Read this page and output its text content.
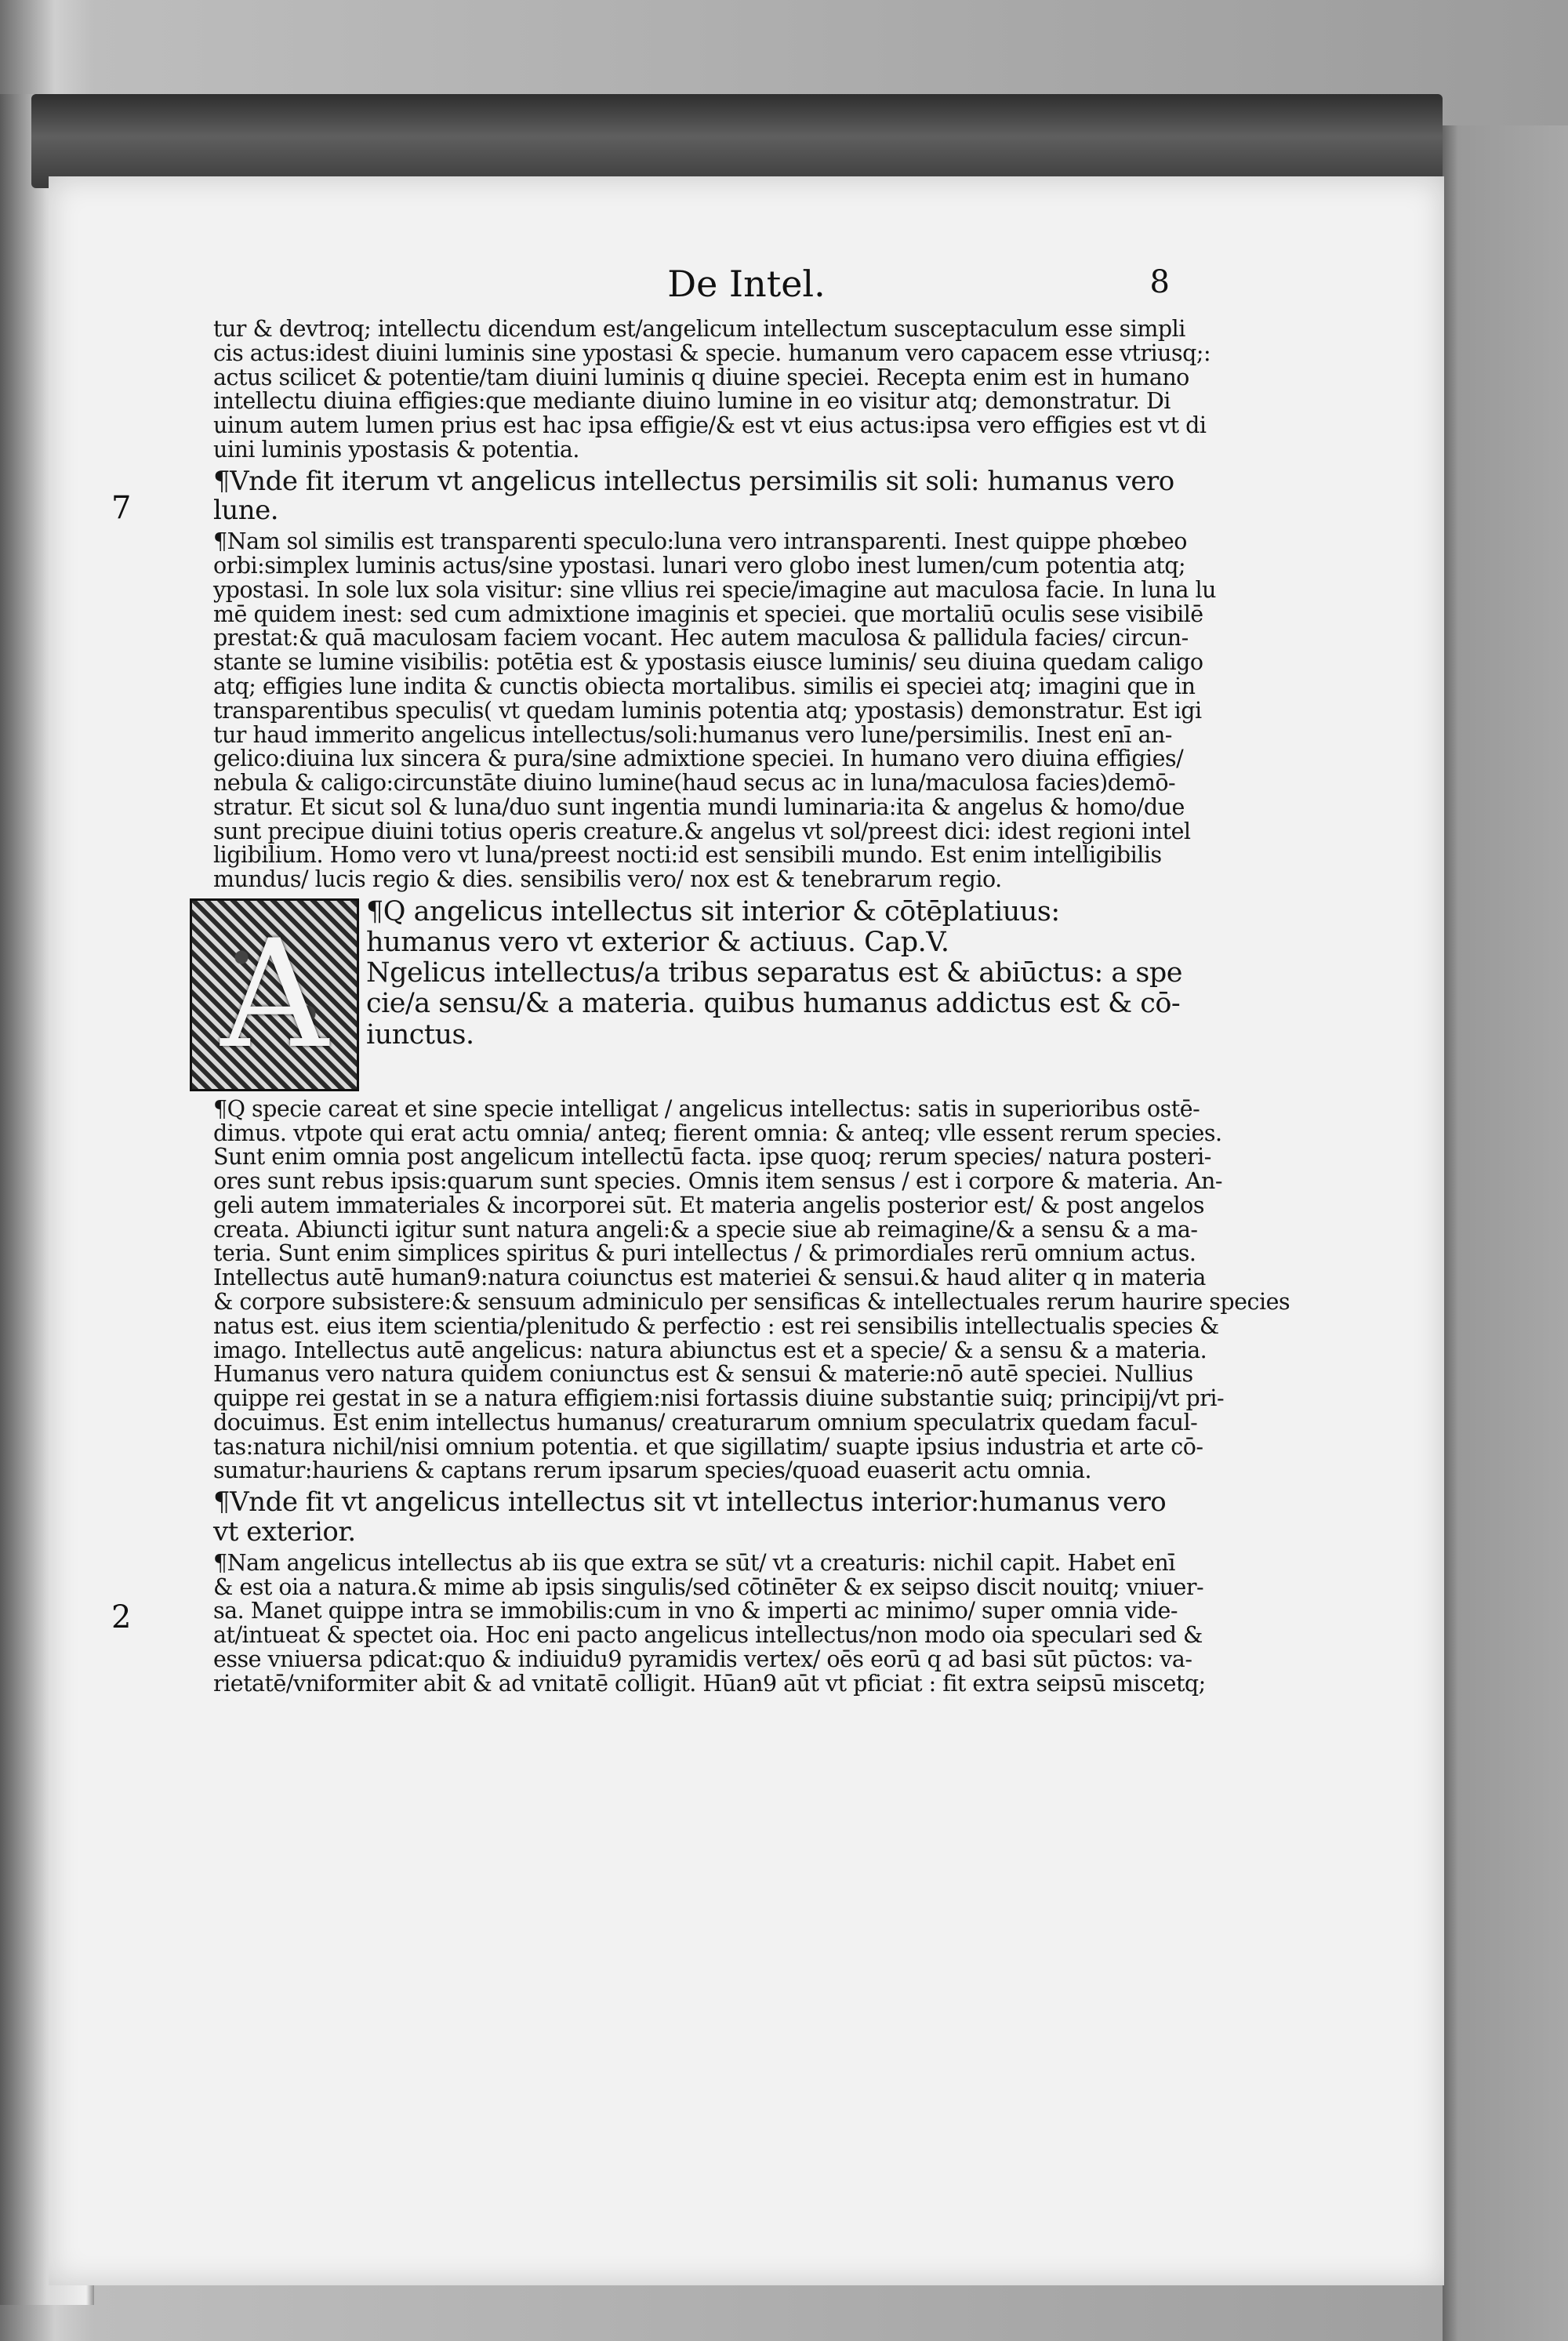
De Intel.	8
7
2
tur & devtroq; intellectu dicendum est/angelicum intellectum susceptaculum esse simpli
cis actus:idest diuini luminis sine ypostasi & specie. humanum vero capacem esse vtriusq;:
actus scilicet & potentie/tam diuini luminis q diuine speciei. Recepta enim est in humano
intellectu diuina effigies:que mediante diuino lumine in eo visitur atq; demonstratur. Di
uinum autem lumen prius est hac ipsa effigie/& est vt eius actus:ipsa vero effigies est vt di
uini luminis ypostasis & potentia.
¶Vnde fit iterum vt angelicus intellectus persimilis sit soli: humanus vero
lune.
¶Nam sol similis est transparenti speculo:luna vero intransparenti. Inest quippe phœbeo
orbi:simplex luminis actus/sine ypostasi. lunari vero globo inest lumen/cum potentia atq;
ypostasi. In sole lux sola visitur: sine vllius rei specie/imagine aut maculosa facie. In luna lu
mē quidem inest: sed cum admixtione imaginis et speciei. que mortaliū oculis sese visibilē
prestat:& quā maculosam faciem vocant. Hec autem maculosa & pallidula facies/ circun-
stante se lumine visibilis: potētia est & ypostasis eiusce luminis/ seu diuina quedam caligo
atq; effigies lune indita & cunctis obiecta mortalibus. similis ei speciei atq; imagini que in
transparentibus speculis( vt quedam luminis potentia atq; ypostasis) demonstratur. Est igi
tur haud immerito angelicus intellectus/soli:humanus vero lune/persimilis. Inest enī an-
gelico:diuina lux sincera & pura/sine admixtione speciei. In humano vero diuina effigies/
nebula & caligo:circunstāte diuino lumine(haud secus ac in luna/maculosa facies)demō-
stratur. Et sicut sol & luna/duo sunt ingentia mundi luminaria:ita & angelus & homo/due
sunt precipue diuini totius operis creature.& angelus vt sol/preest dici: idest regioni intel
ligibilium. Homo vero vt luna/preest nocti:id est sensibili mundo. Est enim intelligibilis
mundus/ lucis regio & dies. sensibilis vero/ nox est & tenebrarum regio.
A ¶Q angelicus intellectus sit interior & cōtēplatiuus:
humanus vero vt exterior & actiuus. Cap.V.
Ngelicus intellectus/a tribus separatus est & abiūctus: a spe
cie/a sensu/& a materia. quibus humanus addictus est & cō-
iunctus.
¶Q specie careat et sine specie intelligat / angelicus intellectus: satis in superioribus ostē-
dimus. vtpote qui erat actu omnia/ anteq; fierent omnia: & anteq; vlle essent rerum species.
Sunt enim omnia post angelicum intellectū facta. ipse quoq; rerum species/ natura posteri-
ores sunt rebus ipsis:quarum sunt species. Omnis item sensus / est i corpore & materia. An-
geli autem immateriales & incorporei sūt. Et materia angelis posterior est/ & post angelos
creata. Abiuncti igitur sunt natura angeli:& a specie siue ab reimagine/& a sensu & a ma-
teria. Sunt enim simplices spiritus & puri intellectus / & primordiales rerū omnium actus.
Intellectus autē human9:natura coiunctus est materiei & sensui.& haud aliter q in materia
& corpore subsistere:& sensuum adminiculo per sensificas & intellectuales rerum haurire species
natus est. eius item scientia/plenitudo & perfectio : est rei sensibilis intellectualis species &
imago. Intellectus autē angelicus: natura abiunctus est et a specie/ & a sensu & a materia.
Humanus vero natura quidem coniunctus est & sensui & materie:nō autē speciei. Nullius
quippe rei gestat in se a natura effigiem:nisi fortassis diuine substantie suiq; principij/vt pri-
docuimus. Est enim intellectus humanus/ creaturarum omnium speculatrix quedam facul-
tas:natura nichil/nisi omnium potentia. et que sigillatim/ suapte ipsius industria et arte cō-
sumatur:hauriens & captans rerum ipsarum species/quoad euaserit actu omnia.
¶Vnde fit vt angelicus intellectus sit vt intellectus interior:humanus vero
vt exterior.
¶Nam angelicus intellectus ab iis que extra se sūt/ vt a creaturis: nichil capit. Habet enī
& est oia a natura.& mime ab ipsis singulis/sed cōtinēter & ex seipso discit nouitq; vniuer-
sa. Manet quippe intra se immobilis:cum in vno & imperti ac minimo/ super omnia vide-
at/intueat & spectet oia. Hoc eni pacto angelicus intellectus/non modo oia speculari sed &
esse vniuersa pdicat:quo & indiuidu9 pyramidis vertex/ oēs eorū q ad basi sūt pūctos: va-
rietatē/vniformiter abit & ad vnitatē colligit. Hūan9 aūt vt pficiat : fit extra seipsū miscetq;
